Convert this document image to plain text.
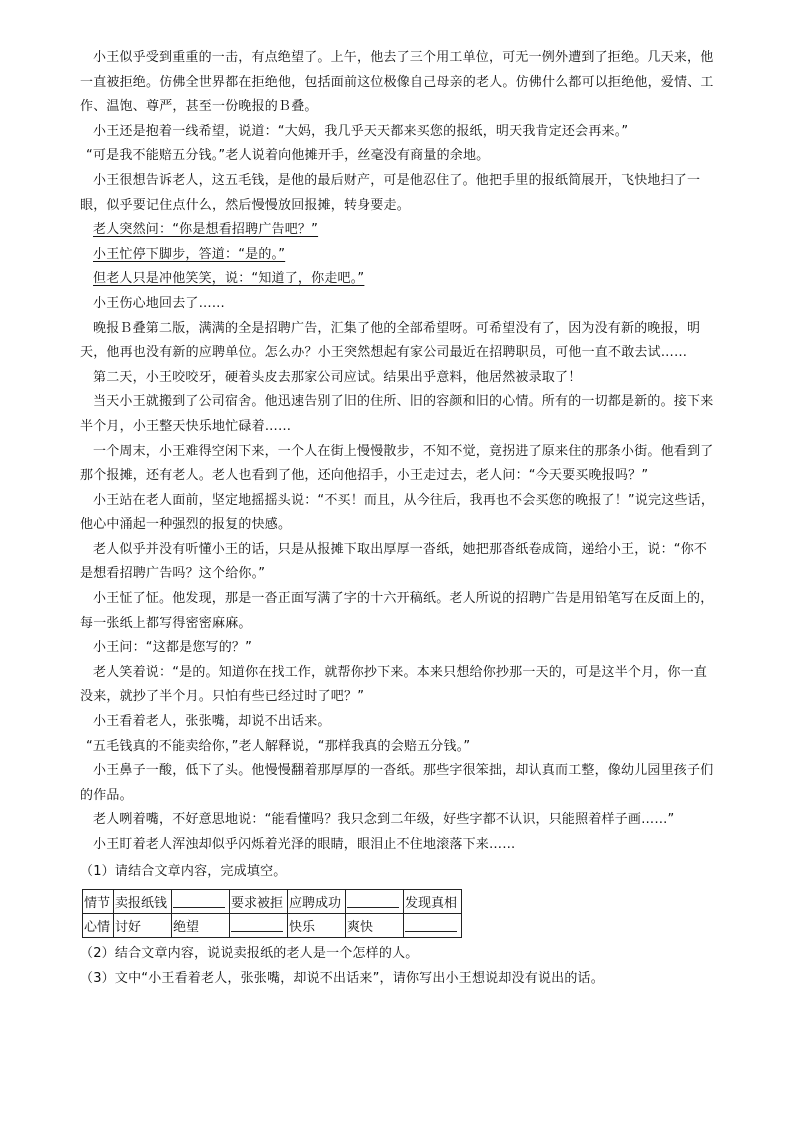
小王似乎受到重重的一击，有点绝望了。上午，他去了三个用工单位，可无一例外遭到了拒绝。几天来，他一直被拒绝。仿佛全世界都在拒绝他，包括面前这位极像自己母亲的老人。仿佛什么都可以拒绝他，爱情、工作、温饱、尊严，甚至一份晚报的Ｂ叠。

小王还是抱着一线希望，说道：“大妈，我几乎天天都来买您的报纸，明天我肯定还会再来。”

“可是我不能赔五分钱。”老人说着向他摊开手，丝毫没有商量的余地。

小王很想告诉老人，这五毛钱，是他的最后财产，可是他忍住了。他把手里的报纸简展开，飞快地扫了一眼，似乎要记住点什么，然后慢慢放回报摊，转身要走。

老人突然问：“你是想看招聘广告吧？”

小王忙停下脚步，答道：“是的。”

但老人只是冲他笑笑，说：“知道了，你走吧。”

小王伤心地回去了……

晚报Ｂ叠第二版，满满的全是招聘广告，汇集了他的全部希望呀。可希望没有了，因为没有新的晚报，明天，他再也没有新的应聘单位。怎么办？小王突然想起有家公司最近在招聘职员，可他一直不敢去试……

第二天，小王咬咬牙，硬着头皮去那家公司应试。结果出乎意料，他居然被录取了！

当天小王就搬到了公司宿舍。他迅速告别了旧的住所、旧的容颜和旧的心情。所有的一切都是新的。接下来半个月，小王整天快乐地忙碌着……

一个周末，小王难得空闲下来，一个人在街上慢慢散步，不知不觉，竟拐进了原来住的那条小街。他看到了那个报摊，还有老人。老人也看到了他，还向他招手，小王走过去，老人问：“今天要买晚报吗？”

小王站在老人面前，坚定地摇摇头说：“不买！而且，从今往后，我再也不会买您的晚报了！”说完这些话，他心中涌起一种强烈的报复的快感。

老人似乎并没有听懂小王的话，只是从报摊下取出厚厚一沓纸，她把那沓纸卷成筒，递给小王，说：“你不是想看招聘广告吗？这个给你。”

小王怔了怔。他发现，那是一沓正面写满了字的十六开稿纸。老人所说的招聘广告是用铅笔写在反面上的，每一张纸上都写得密密麻麻。

小王问：“这都是您写的？”

老人笑着说：“是的。知道你在找工作，就帮你抄下来。本来只想给你抄那一天的，可是这半个月，你一直没来，就抄了半个月。只怕有些已经过时了吧？”

小王看着老人，张张嘴，却说不出话来。

“五毛钱真的不能卖给你，”老人解释说，“那样我真的会赔五分钱。”

小王鼻子一酸，低下了头。他慢慢翻着那厚厚的一沓纸。那些字很笨拙，却认真而工整，像幼儿园里孩子们的作品。

老人咧着嘴，不好意思地说：“能看懂吗？我只念到二年级，好些字都不认识，只能照着样子画……”

小王盯着老人浑浊却似乎闪烁着光泽的眼睛，眼泪止不住地滚落下来……

（1）请结合文章内容，完成填空。

情节	卖报纸钱		要求被拒	应聘成功		发现真相
心情	讨好	绝望		快乐	爽快	

（2）结合文章内容，说说卖报纸的老人是一个怎样的人。

（3）文中“小王看着老人，张张嘴，却说不出话来”，请你写出小王想说却没有说出的话。
